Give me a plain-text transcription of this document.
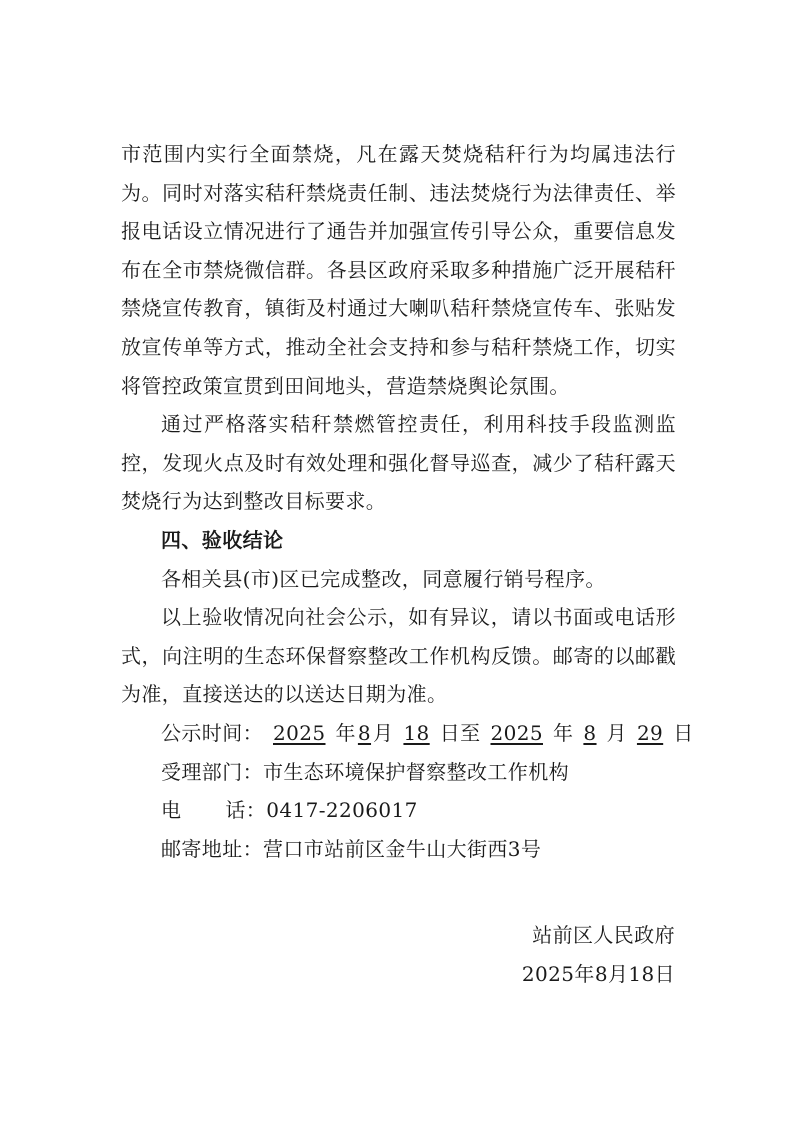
市范围内实行全面禁烧，凡在露天焚烧秸秆行为均属违法行为。同时对落实秸秆禁烧责任制、违法焚烧行为法律责任、举报电话设立情况进行了通告并加强宣传引导公众，重要信息发布在全市禁烧微信群。各县区政府采取多种措施广泛开展秸秆禁烧宣传教育，镇街及村通过大喇叭秸秆禁烧宣传车、张贴发放宣传单等方式，推动全社会支持和参与秸秆禁烧工作，切实将管控政策宣贯到田间地头，营造禁烧舆论氛围。

通过严格落实秸秆禁燃管控责任，利用科技手段监测监控，发现火点及时有效处理和强化督导巡查，减少了秸秆露天焚烧行为达到整改目标要求。

四、验收结论

各相关县(市)区已完成整改，同意履行销号程序。

以上验收情况向社会公示，如有异议，请以书面或电话形式，向注明的生态环保督察整改工作机构反馈。邮寄的以邮戳为准，直接送达的以送达日期为准。

公示时间： 2025 年 8 月 18 日至 2025 年 8 月 29 日

受理部门：市生态环境保护督察整改工作机构

电 话：0417-2206017

邮寄地址：营口市站前区金牛山大街西3号

站前区人民政府

2025年8月18日
